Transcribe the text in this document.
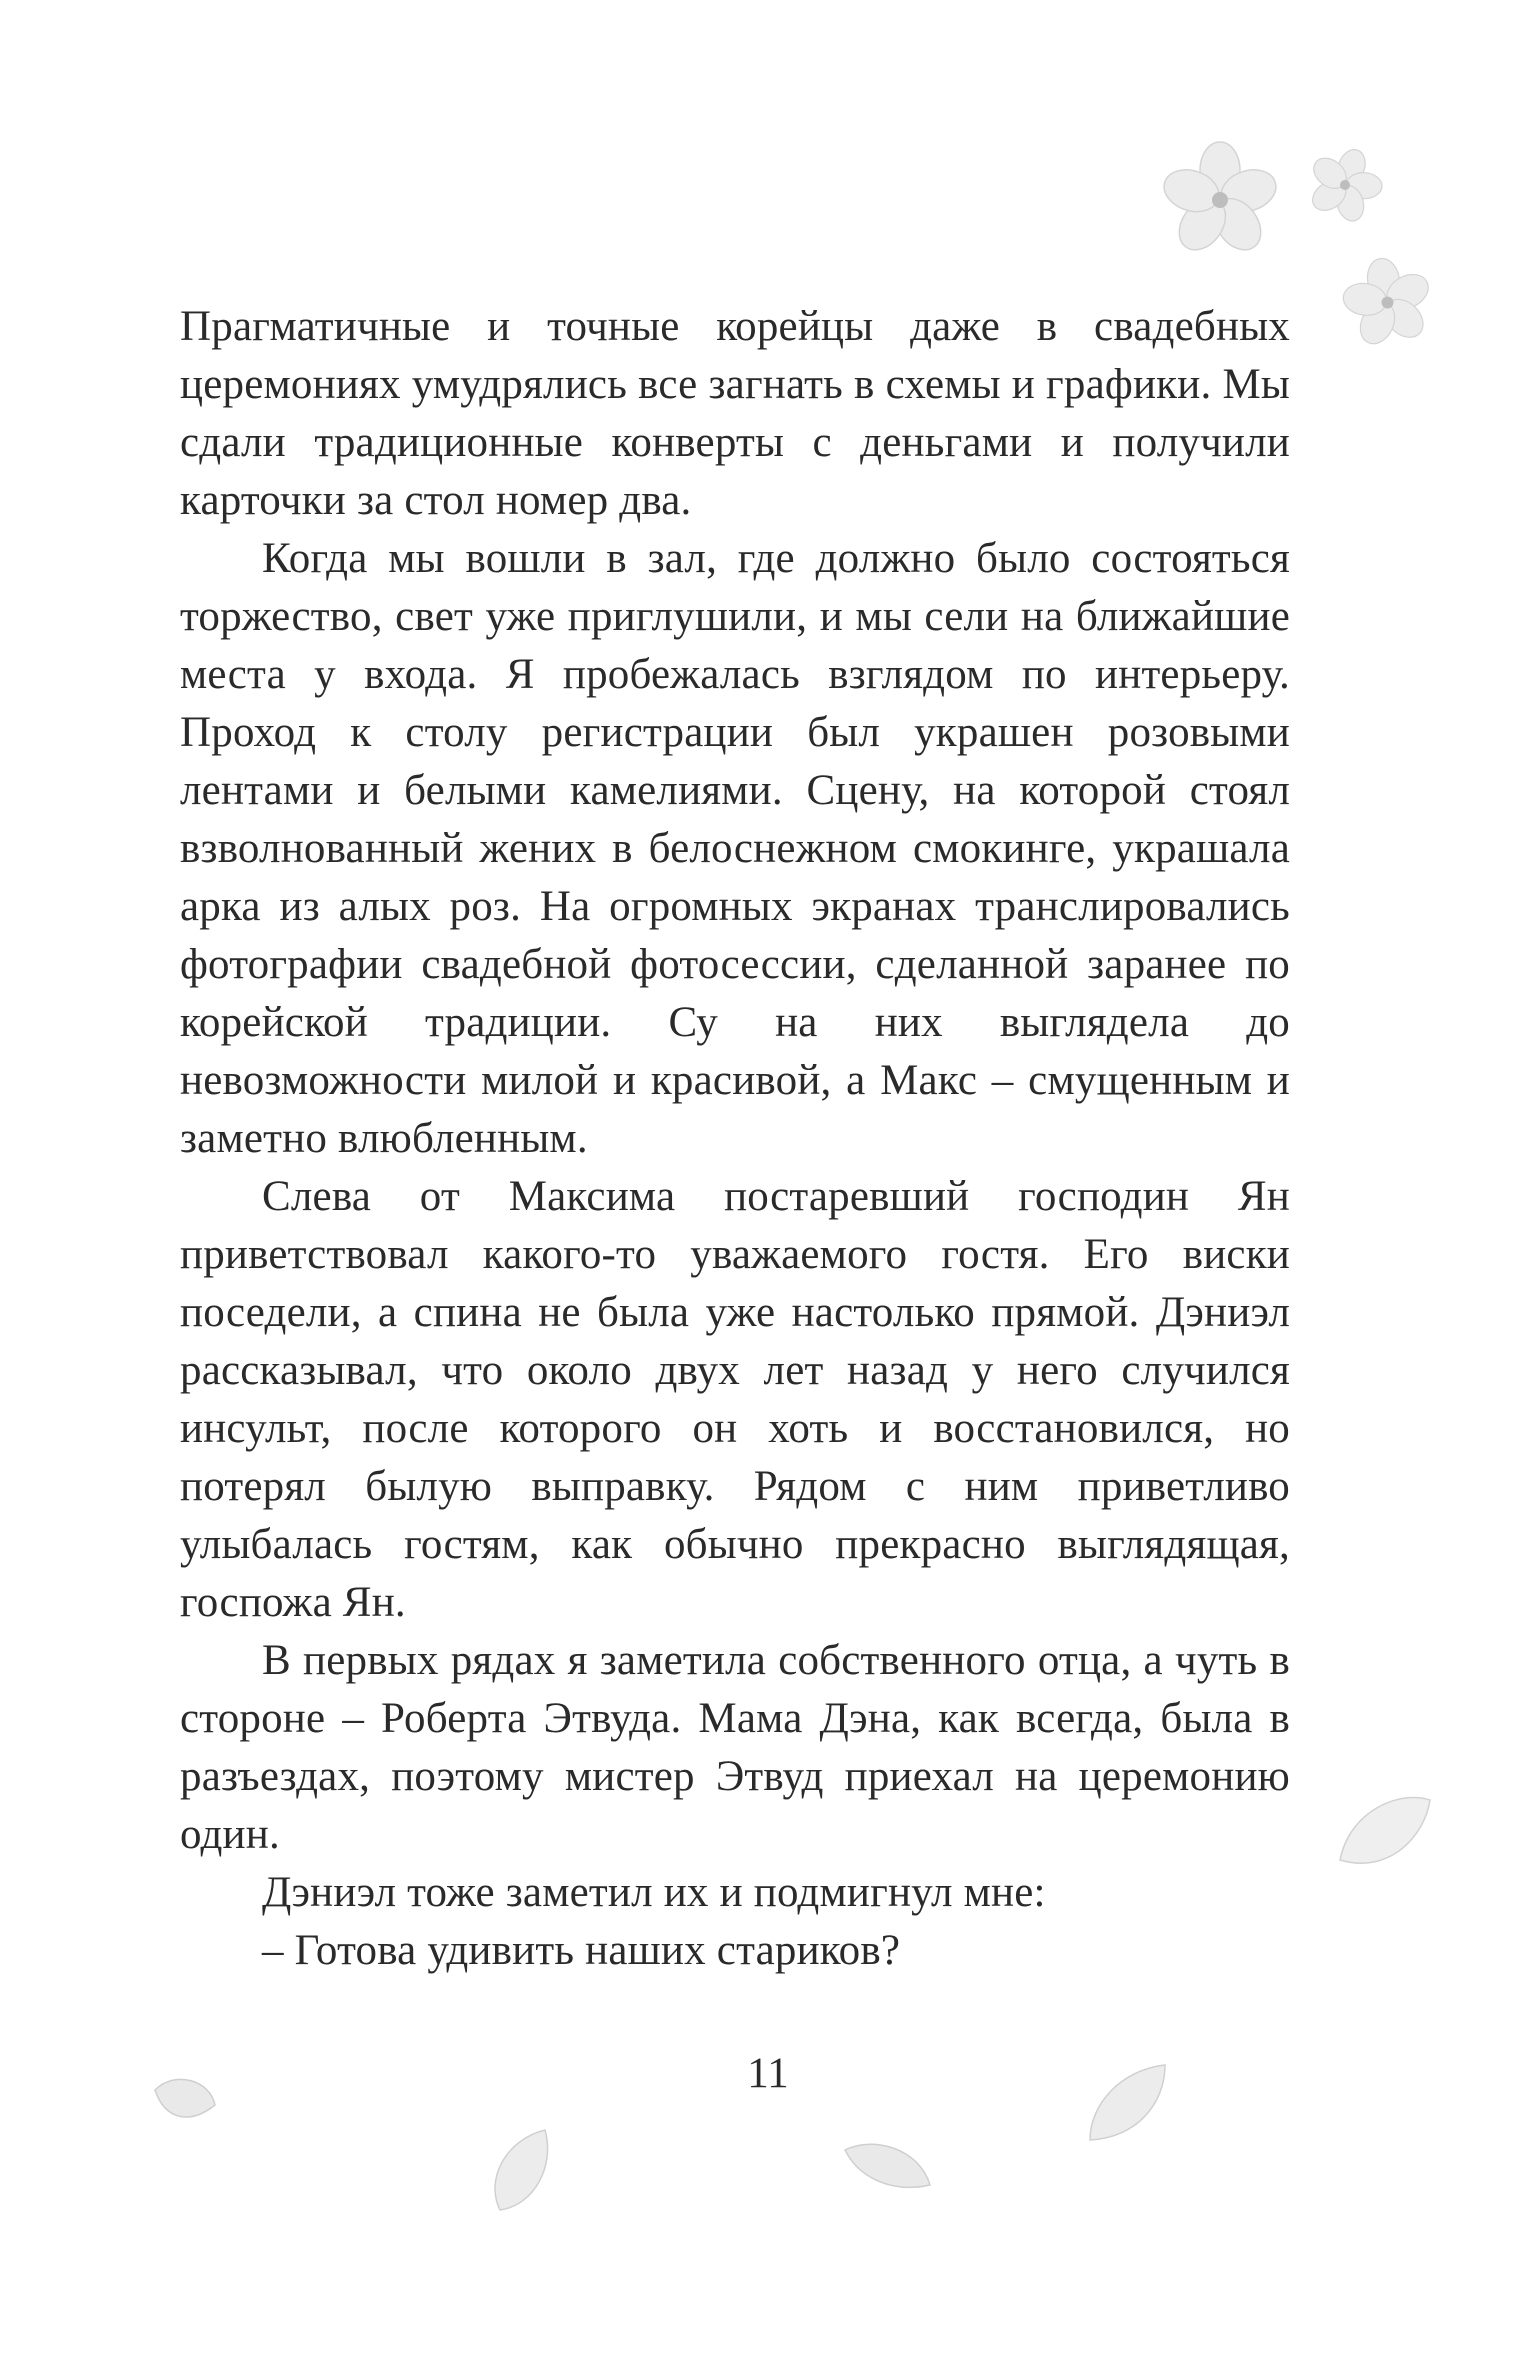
Прагматичные и точные корейцы даже в свадебных церемониях умудрялись все загнать в схемы и графики. Мы сдали традиционные конверты с деньгами и получили карточки за стол номер два.

Когда мы вошли в зал, где должно было состояться торжество, свет уже приглушили, и мы сели на ближайшие места у входа. Я пробежалась взглядом по интерьеру. Проход к столу регистрации был украшен розовыми лентами и белыми камелиями. Сцену, на которой стоял взволнованный жених в белоснежном смокинге, украшала арка из алых роз. На огромных экранах транслировались фотографии свадебной фотосессии, сделанной заранее по корейской традиции. Су на них выглядела до невозможности милой и красивой, а Макс – смущенным и заметно влюбленным.

Слева от Максима постаревший господин Ян приветствовал какого-то уважаемого гостя. Его виски поседели, а спина не была уже настолько прямой. Дэниэл рассказывал, что около двух лет назад у него случился инсульт, после которого он хоть и восстановился, но потерял былую выправку. Рядом с ним приветливо улыбалась гостям, как обычно прекрасно выглядящая, госпожа Ян.

В первых рядах я заметила собственного отца, а чуть в стороне – Роберта Этвуда. Мама Дэна, как всегда, была в разъездах, поэтому мистер Этвуд приехал на церемонию один.

Дэниэл тоже заметил их и подмигнул мне:

– Готова удивить наших стариков?

11
